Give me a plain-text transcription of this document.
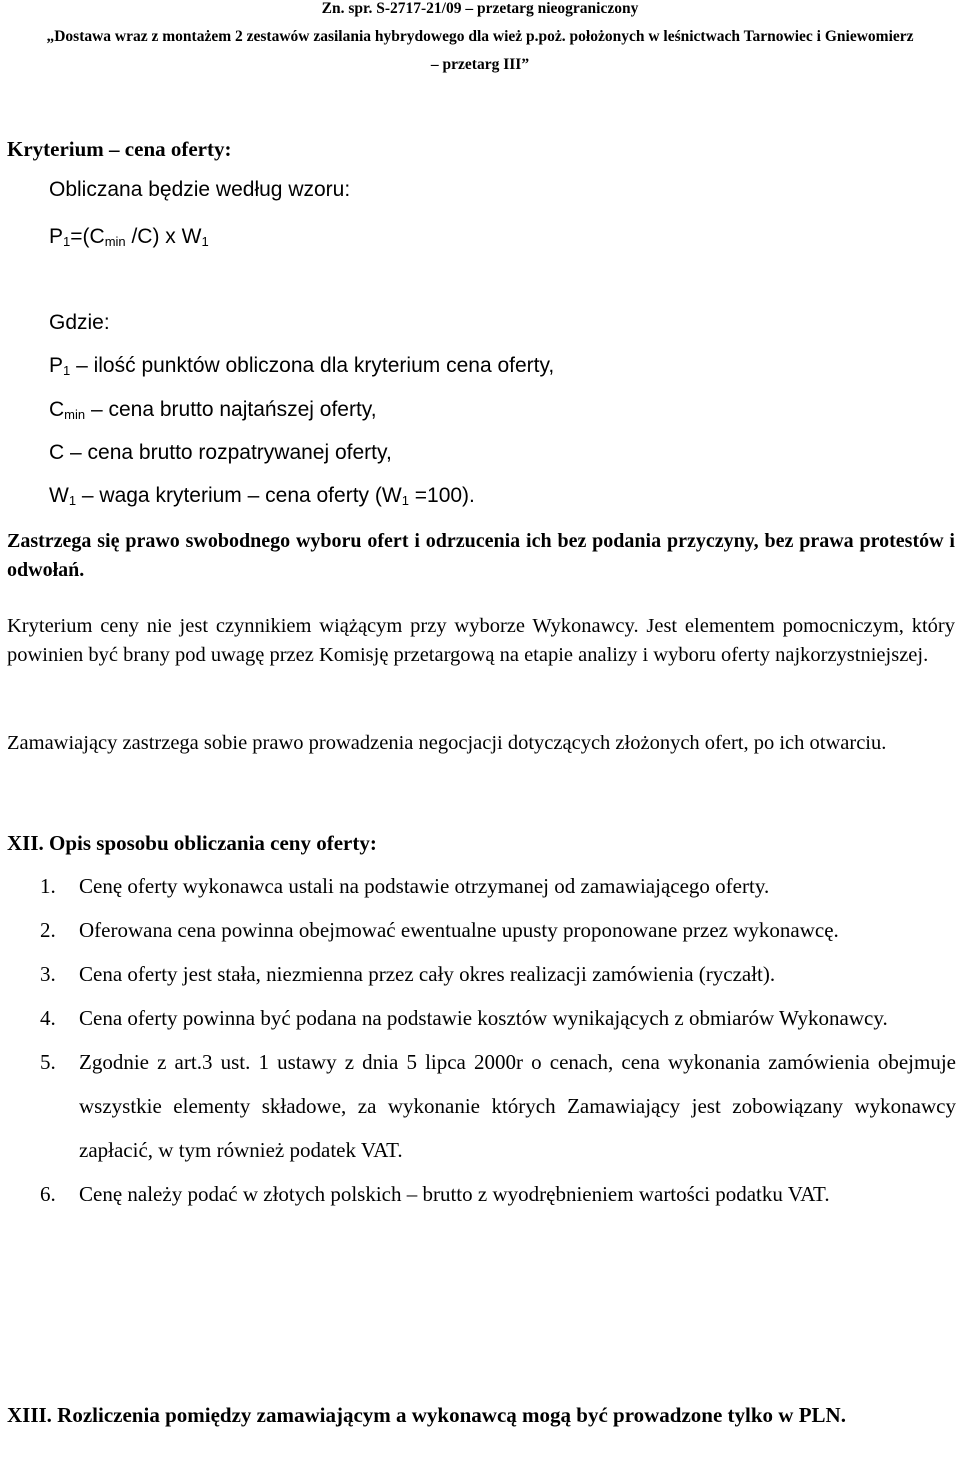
Zn. spr. S-2717-21/09 – przetarg nieograniczony
„Dostawa wraz z montażem 2 zestawów zasilania hybrydowego dla wież p.poż. położonych w leśnictwach Tarnowiec i Gniewomierz
– przetarg III”
Kryterium – cena oferty:
Obliczana będzie według wzoru:
$P_1=(C_{min}$ /C) x $W_1$
Gdzie:
$P_1$ – ilość punktów obliczona dla kryterium cena oferty,
$C_{min}$ – cena brutto najtańszej oferty,
C – cena brutto rozpatrywanej oferty,
$W_1$ – waga kryterium – cena oferty $(W_1 =100)$.
Zastrzega się prawo swobodnego wyboru ofert i odrzucenia ich bez podania przyczyny, bez prawa protestów i odwołań.
Kryterium ceny nie jest czynnikiem wiążącym przy wyborze Wykonawcy. Jest elementem pomocniczym, który powinien być brany pod uwagę przez Komisję przetargową na etapie analizy i wyboru oferty najkorzystniejszej.
Zamawiający zastrzega sobie prawo prowadzenia negocjacji dotyczących złożonych ofert, po ich otwarciu.
XII. Opis sposobu obliczania ceny oferty:
1. Cenę oferty wykonawca ustali na podstawie otrzymanej od zamawiającego oferty.
2. Oferowana cena powinna obejmować ewentualne upusty proponowane przez wykonawcę.
3. Cena oferty jest stała, niezmienna przez cały okres realizacji zamówienia (ryczałt).
4. Cena oferty powinna być podana na podstawie kosztów wynikających z obmiarów Wykonawcy.
5. Zgodnie z art.3 ust. 1 ustawy z dnia 5 lipca 2000r o cenach, cena wykonania zamówienia obejmuje wszystkie elementy składowe, za wykonanie których Zamawiający jest zobowiązany wykonawcy zapłacić, w tym również podatek VAT.
6. Cenę należy podać w złotych polskich – brutto z wyodrębnieniem wartości podatku VAT.
XIII. Rozliczenia pomiędzy zamawiającym a wykonawcą mogą być prowadzone tylko w PLN.
